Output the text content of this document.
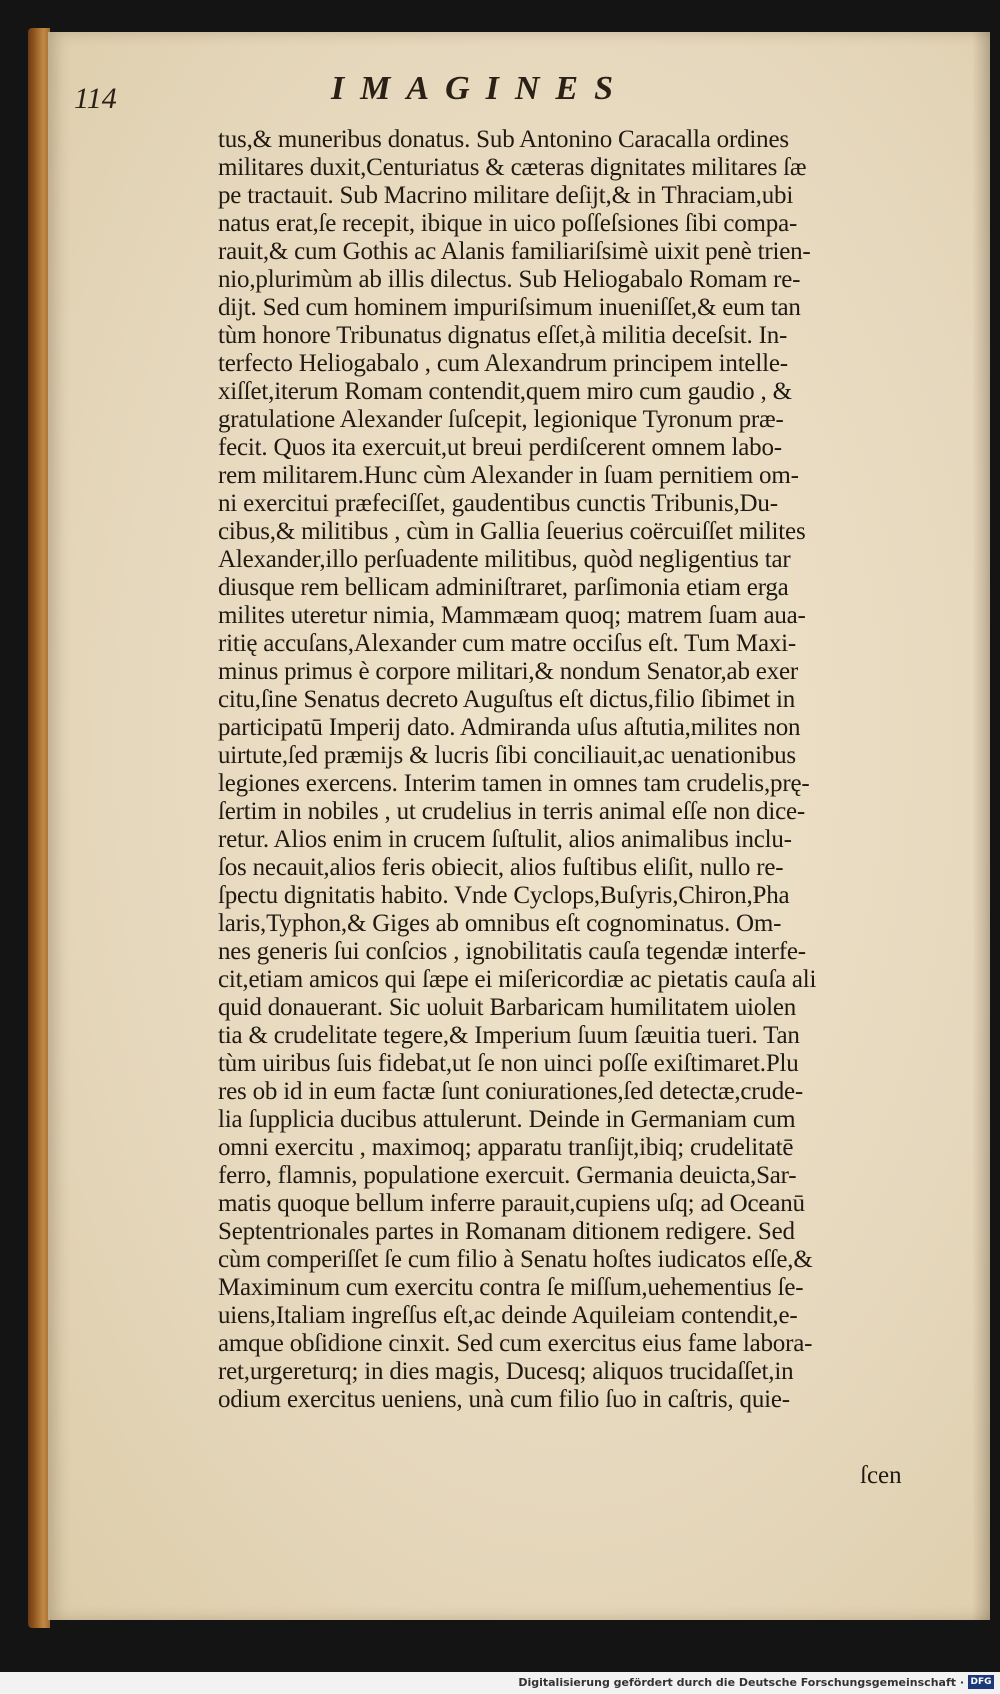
114	IMAGINES
tus,& muneribus donatus. Sub Antonino Caracalla ordines
militares duxit,Centuriatus & cæteras dignitates militares ſæ
pe tractauit. Sub Macrino militare deſijt,& in Thraciam,ubi
natus erat,ſe recepit, ibique in uico poſſeſsiones ſibi compa-
rauit,& cum Gothis ac Alanis familiariſsimè uixit penè trien-
nio,plurimùm ab illis dilectus. Sub Heliogabalo Romam re-
dijt. Sed cum hominem impuriſsimum inueniſſet,& eum tan
tùm honore Tribunatus dignatus eſſet,à militia deceſsit. In-
terfecto Heliogabalo , cum Alexandrum principem intelle-
xiſſet,iterum Romam contendit,quem miro cum gaudio , &
gratulatione Alexander ſuſcepit, legionique Tyronum præ-
fecit. Quos ita exercuit,ut breui perdiſcerent omnem labo-
rem militarem.Hunc cùm Alexander in ſuam pernitiem om-
ni exercitui præfeciſſet, gaudentibus cunctis Tribunis,Du-
cibus,& militibus , cùm in Gallia ſeuerius coërcuiſſet milites
Alexander,illo perſuadente militibus, quòd negligentius tar
diusque rem bellicam adminiſtraret, parſimonia etiam erga
milites uteretur nimia, Mammæam quoq; matrem ſuam aua-
ritię accuſans,Alexander cum matre occiſus eſt. Tum Maxi-
minus primus è corpore militari,& nondum Senator,ab exer
citu,ſine Senatus decreto Auguſtus eſt dictus,filio ſibimet in
participatū Imperij dato. Admiranda uſus aſtutia,milites non
uirtute,ſed præmijs & lucris ſibi conciliauit,ac uenationibus
legiones exercens. Interim tamen in omnes tam crudelis,prę-
ſertim in nobiles , ut crudelius in terris animal eſſe non dice-
retur. Alios enim in crucem ſuſtulit, alios animalibus inclu-
ſos necauit,alios feris obiecit, alios fuſtibus eliſit, nullo re-
ſpectu dignitatis habito. Vnde Cyclops,Buſyris,Chiron,Pha
laris,Typhon,& Giges ab omnibus eſt cognominatus. Om-
nes generis ſui conſcios , ignobilitatis cauſa tegendæ interfe-
cit,etiam amicos qui ſæpe ei miſericordiæ ac pietatis cauſa ali
quid donauerant. Sic uoluit Barbaricam humilitatem uiolen
tia & crudelitate tegere,& Imperium ſuum ſæuitia tueri. Tan
tùm uiribus ſuis fidebat,ut ſe non uinci poſſe exiſtimaret.Plu
res ob id in eum factæ ſunt coniurationes,ſed detectæ,crude-
lia ſupplicia ducibus attulerunt. Deinde in Germaniam cum
omni exercitu , maximoq; apparatu tranſijt,ibiq; crudelitatē
ferro, flamnis, populatione exercuit. Germania deuicta,Sar-
matis quoque bellum inferre parauit,cupiens uſq; ad Oceanū
Septentrionales partes in Romanam ditionem redigere. Sed
cùm comperiſſet ſe cum filio à Senatu hoſtes iudicatos eſſe,&
Maximinum cum exercitu contra ſe miſſum,uehementius ſe-
uiens,Italiam ingreſſus eſt,ac deinde Aquileiam contendit,e-
amque obſidione cinxit. Sed cum exercitus eius fame labora-
ret,urgereturq; in dies magis, Ducesq; aliquos trucidaſſet,in
odium exercitus ueniens, unà cum filio ſuo in caſtris, quie-
ſcen
Digitalisierung gefördert durch die Deutsche Forschungsgemeinschaft · DFG
